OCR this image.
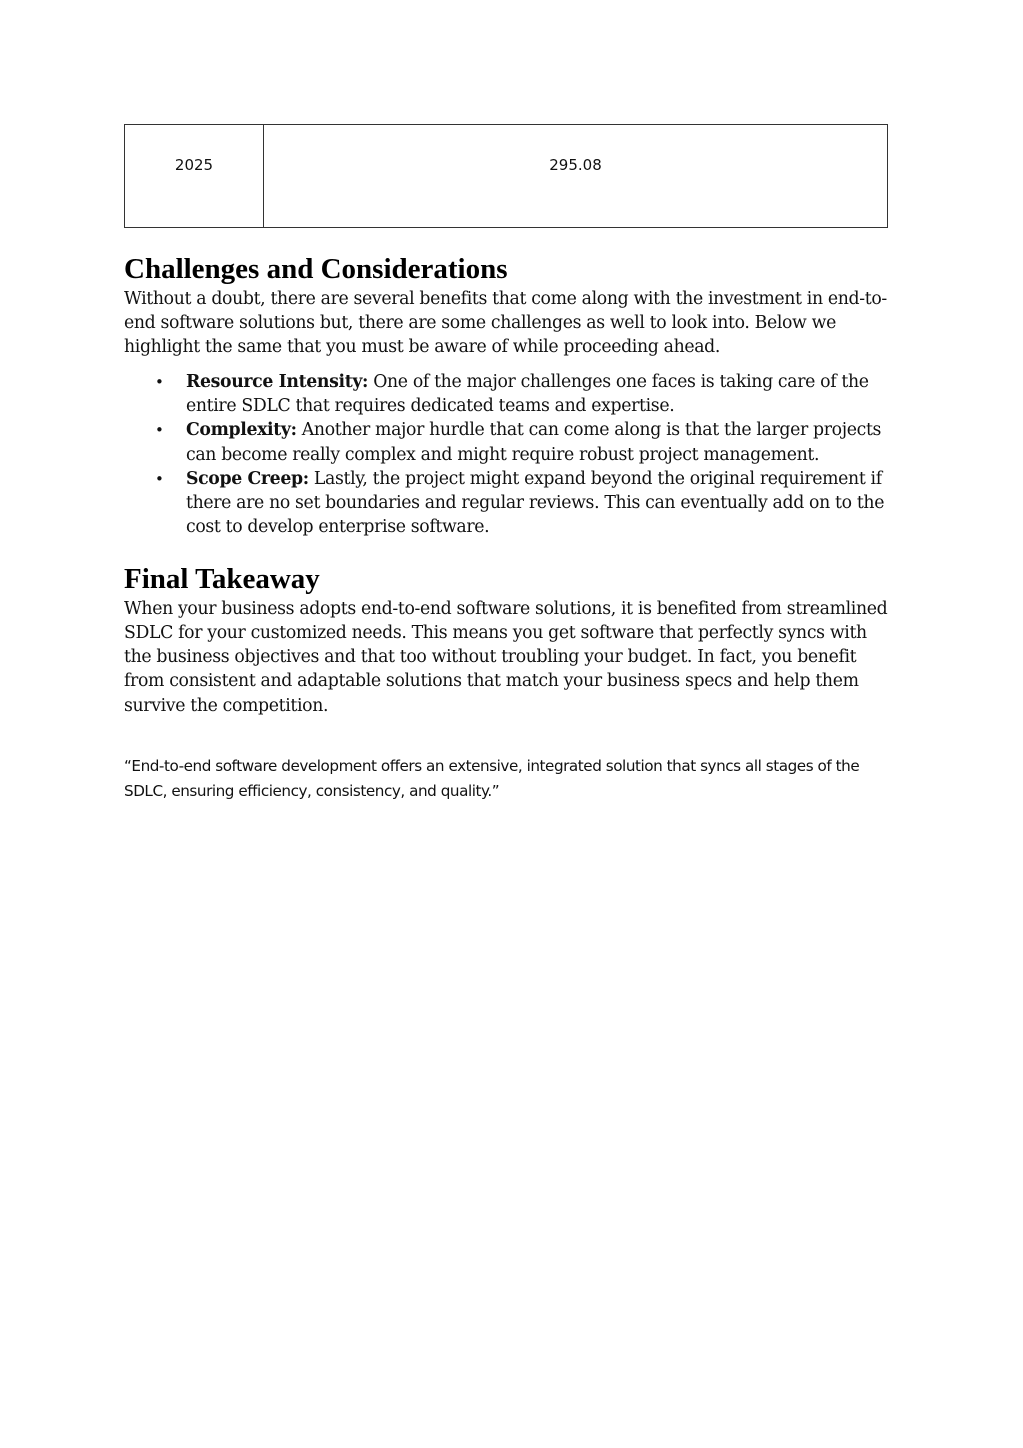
2025	295.08
Challenges and Considerations

Without a doubt, there are several benefits that come along with the investment in end-to-end software solutions but, there are some challenges as well to look into. Below we highlight the same that you must be aware of while proceeding ahead.

• Resource Intensity: One of the major challenges one faces is taking care of the entire SDLC that requires dedicated teams and expertise.
• Complexity: Another major hurdle that can come along is that the larger projects can become really complex and might require robust project management.
• Scope Creep: Lastly, the project might expand beyond the original requirement if there are no set boundaries and regular reviews. This can eventually add on to the cost to develop enterprise software.
Final Takeaway

When your business adopts end-to-end software solutions, it is benefited from streamlined SDLC for your customized needs. This means you get software that perfectly syncs with the business objectives and that too without troubling your budget. In fact, you benefit from consistent and adaptable solutions that match your business specs and help them survive the competition.

“End-to-end software development offers an extensive, integrated solution that syncs all stages of the SDLC, ensuring efficiency, consistency, and quality.”
